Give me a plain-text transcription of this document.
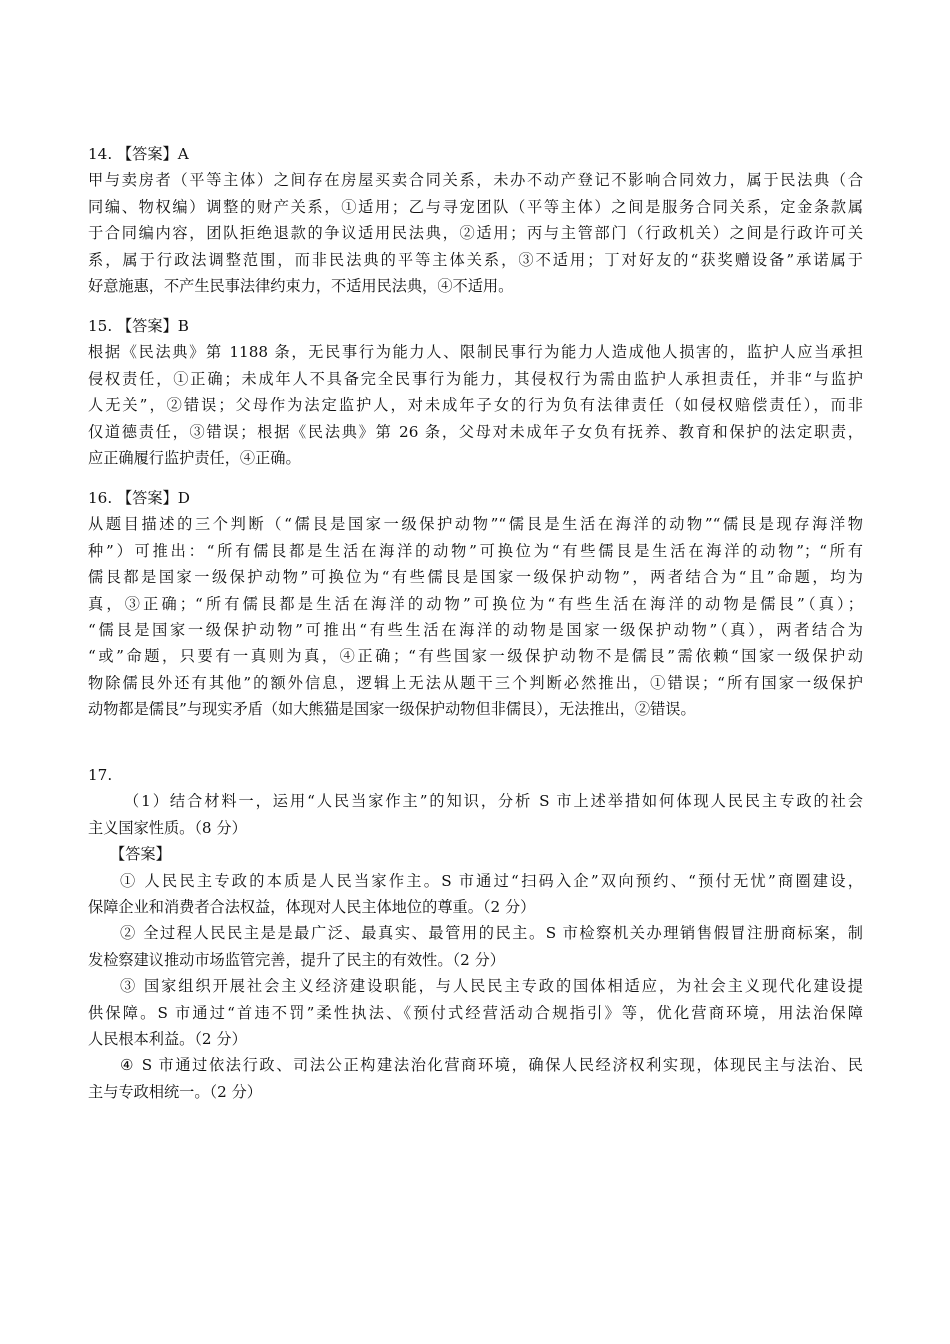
14. 【答案】A
甲与卖房者（平等主体）之间存在房屋买卖合同关系，未办不动产登记不影响合同效力，属于民法典（合
同编、物权编）调整的财产关系，①适用；乙与寻宠团队（平等主体）之间是服务合同关系，定金条款属
于合同编内容，团队拒绝退款的争议适用民法典，②适用；丙与主管部门（行政机关）之间是行政许可关
系，属于行政法调整范围，而非民法典的平等主体关系，③不适用；丁对好友的“获奖赠设备”承诺属于
好意施惠，不产生民事法律约束力，不适用民法典，④不适用。
15. 【答案】B
根据《民法典》第 1188 条，无民事行为能力人、限制民事行为能力人造成他人损害的，监护人应当承担
侵权责任，①正确；未成年人不具备完全民事行为能力，其侵权行为需由监护人承担责任，并非“与监护
人无关”，②错误；父母作为法定监护人，对未成年子女的行为负有法律责任（如侵权赔偿责任），而非
仅道德责任，③错误；根据《民法典》第 26 条，父母对未成年子女负有抚养、教育和保护的法定职责，
应正确履行监护责任，④正确。
16. 【答案】D
从题目描述的三个判断（“儒艮是国家一级保护动物”“儒艮是生活在海洋的动物”“儒艮是现存海洋物
种”）可推出：“所有儒艮都是生活在海洋的动物”可换位为“有些儒艮是生活在海洋的动物”；“所有
儒艮都是国家一级保护动物”可换位为“有些儒艮是国家一级保护动物”，两者结合为“且”命题，均为
真，③正确；“所有儒艮都是生活在海洋的动物”可换位为“有些生活在海洋的动物是儒艮”（真）；
“儒艮是国家一级保护动物”可推出“有些生活在海洋的动物是国家一级保护动物”（真），两者结合为
“或”命题，只要有一真则为真，④正确；“有些国家一级保护动物不是儒艮”需依赖“国家一级保护动
物除儒艮外还有其他”的额外信息，逻辑上无法从题干三个判断必然推出，①错误；“所有国家一级保护
动物都是儒艮”与现实矛盾（如大熊猫是国家一级保护动物但非儒艮），无法推出，②错误。
17.
（1）结合材料一，运用“人民当家作主”的知识，分析 S 市上述举措如何体现人民民主专政的社会
主义国家性质。（8 分）
【答案】
① 人民民主专政的本质是人民当家作主。S 市通过“扫码入企”双向预约、“预付无忧”商圈建设，
保障企业和消费者合法权益，体现对人民主体地位的尊重。（2 分）
② 全过程人民民主是是最广泛、最真实、最管用的民主。S 市检察机关办理销售假冒注册商标案，制
发检察建议推动市场监管完善，提升了民主的有效性。（2 分）
③ 国家组织开展社会主义经济建设职能，与人民民主专政的国体相适应，为社会主义现代化建设提
供保障。S 市通过“首违不罚”柔性执法、《预付式经营活动合规指引》等，优化营商环境，用法治保障
人民根本利益。（2 分）
④ S 市通过依法行政、司法公正构建法治化营商环境，确保人民经济权利实现，体现民主与法治、民
主与专政相统一。（2 分）
